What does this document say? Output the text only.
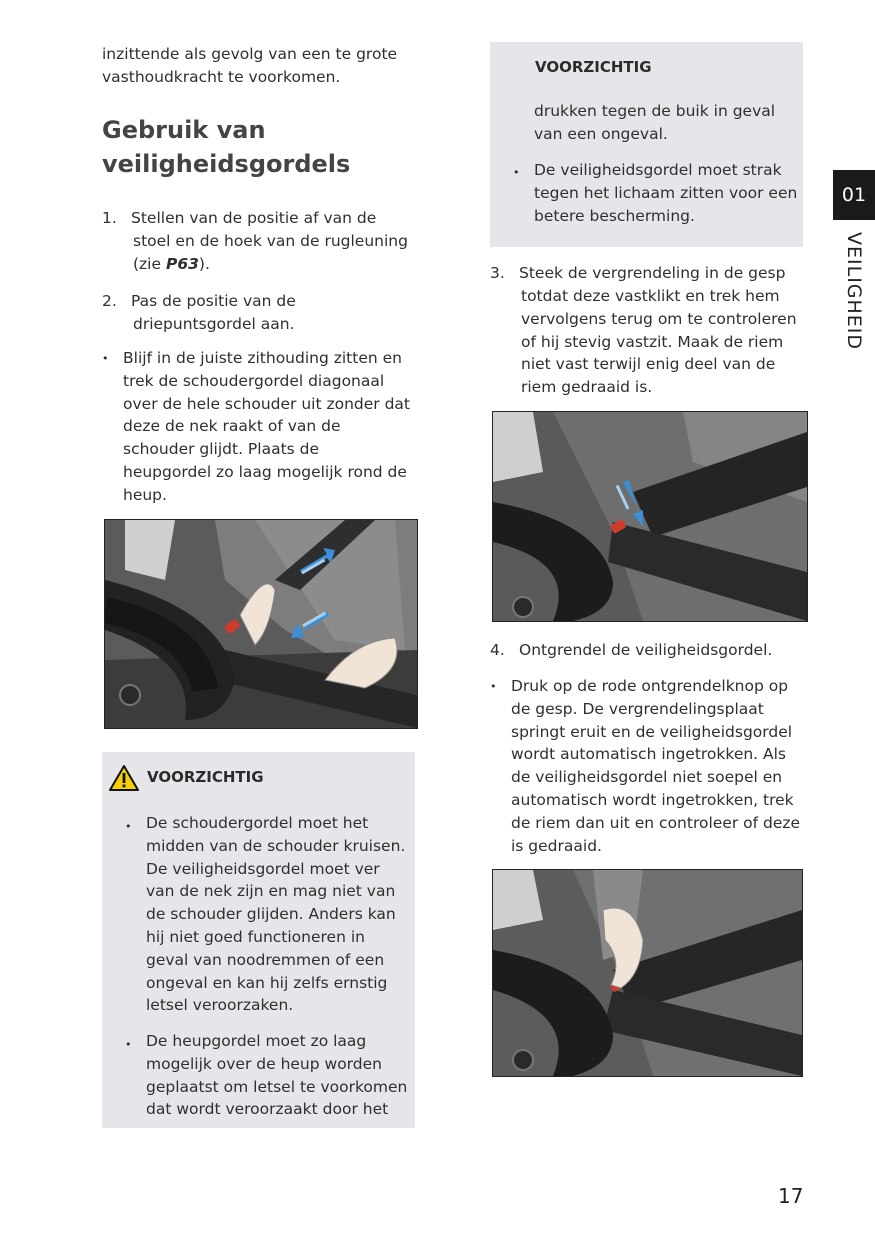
inzittende als gevolg van een te grote
vasthoudkracht te voorkomen.
Gebruik van
veiligheidsgordels
1. Stellen van de positie af van de
stoel en de hoek van de rugleuning
(zie P63).
2. Pas de positie van de
driepuntsgordel aan.
• Blijf in de juiste zithouding zitten en
trek de schoudergordel diagonaal
over de hele schouder uit zonder dat
deze de nek raakt of van de
schouder glijdt. Plaats de
heupgordel zo laag mogelijk rond de
heup.
VOORZICHTIG
• De schoudergordel moet het
midden van de schouder kruisen.
De veiligheidsgordel moet ver
van de nek zijn en mag niet van
de schouder glijden. Anders kan
hij niet goed functioneren in
geval van noodremmen of een
ongeval en kan hij zelfs ernstig
letsel veroorzaken.
• De heupgordel moet zo laag
mogelijk over de heup worden
geplaatst om letsel te voorkomen
dat wordt veroorzaakt door het
VOORZICHTIG
drukken tegen de buik in geval
van een ongeval.
• De veiligheidsgordel moet strak
tegen het lichaam zitten voor een
betere bescherming.
3. Steek de vergrendeling in de gesp
totdat deze vastklikt en trek hem
vervolgens terug om te controleren
of hij stevig vastzit. Maak de riem
niet vast terwijl enig deel van de
riem gedraaid is.
4. Ontgrendel de veiligheidsgordel.
• Druk op de rode ontgrendelknop op
de gesp. De vergrendelingsplaat
springt eruit en de veiligheidsgordel
wordt automatisch ingetrokken. Als
de veiligheidsgordel niet soepel en
automatisch wordt ingetrokken, trek
de riem dan uit en controleer of deze
is gedraaid.
01
VEILIGHEID
17
